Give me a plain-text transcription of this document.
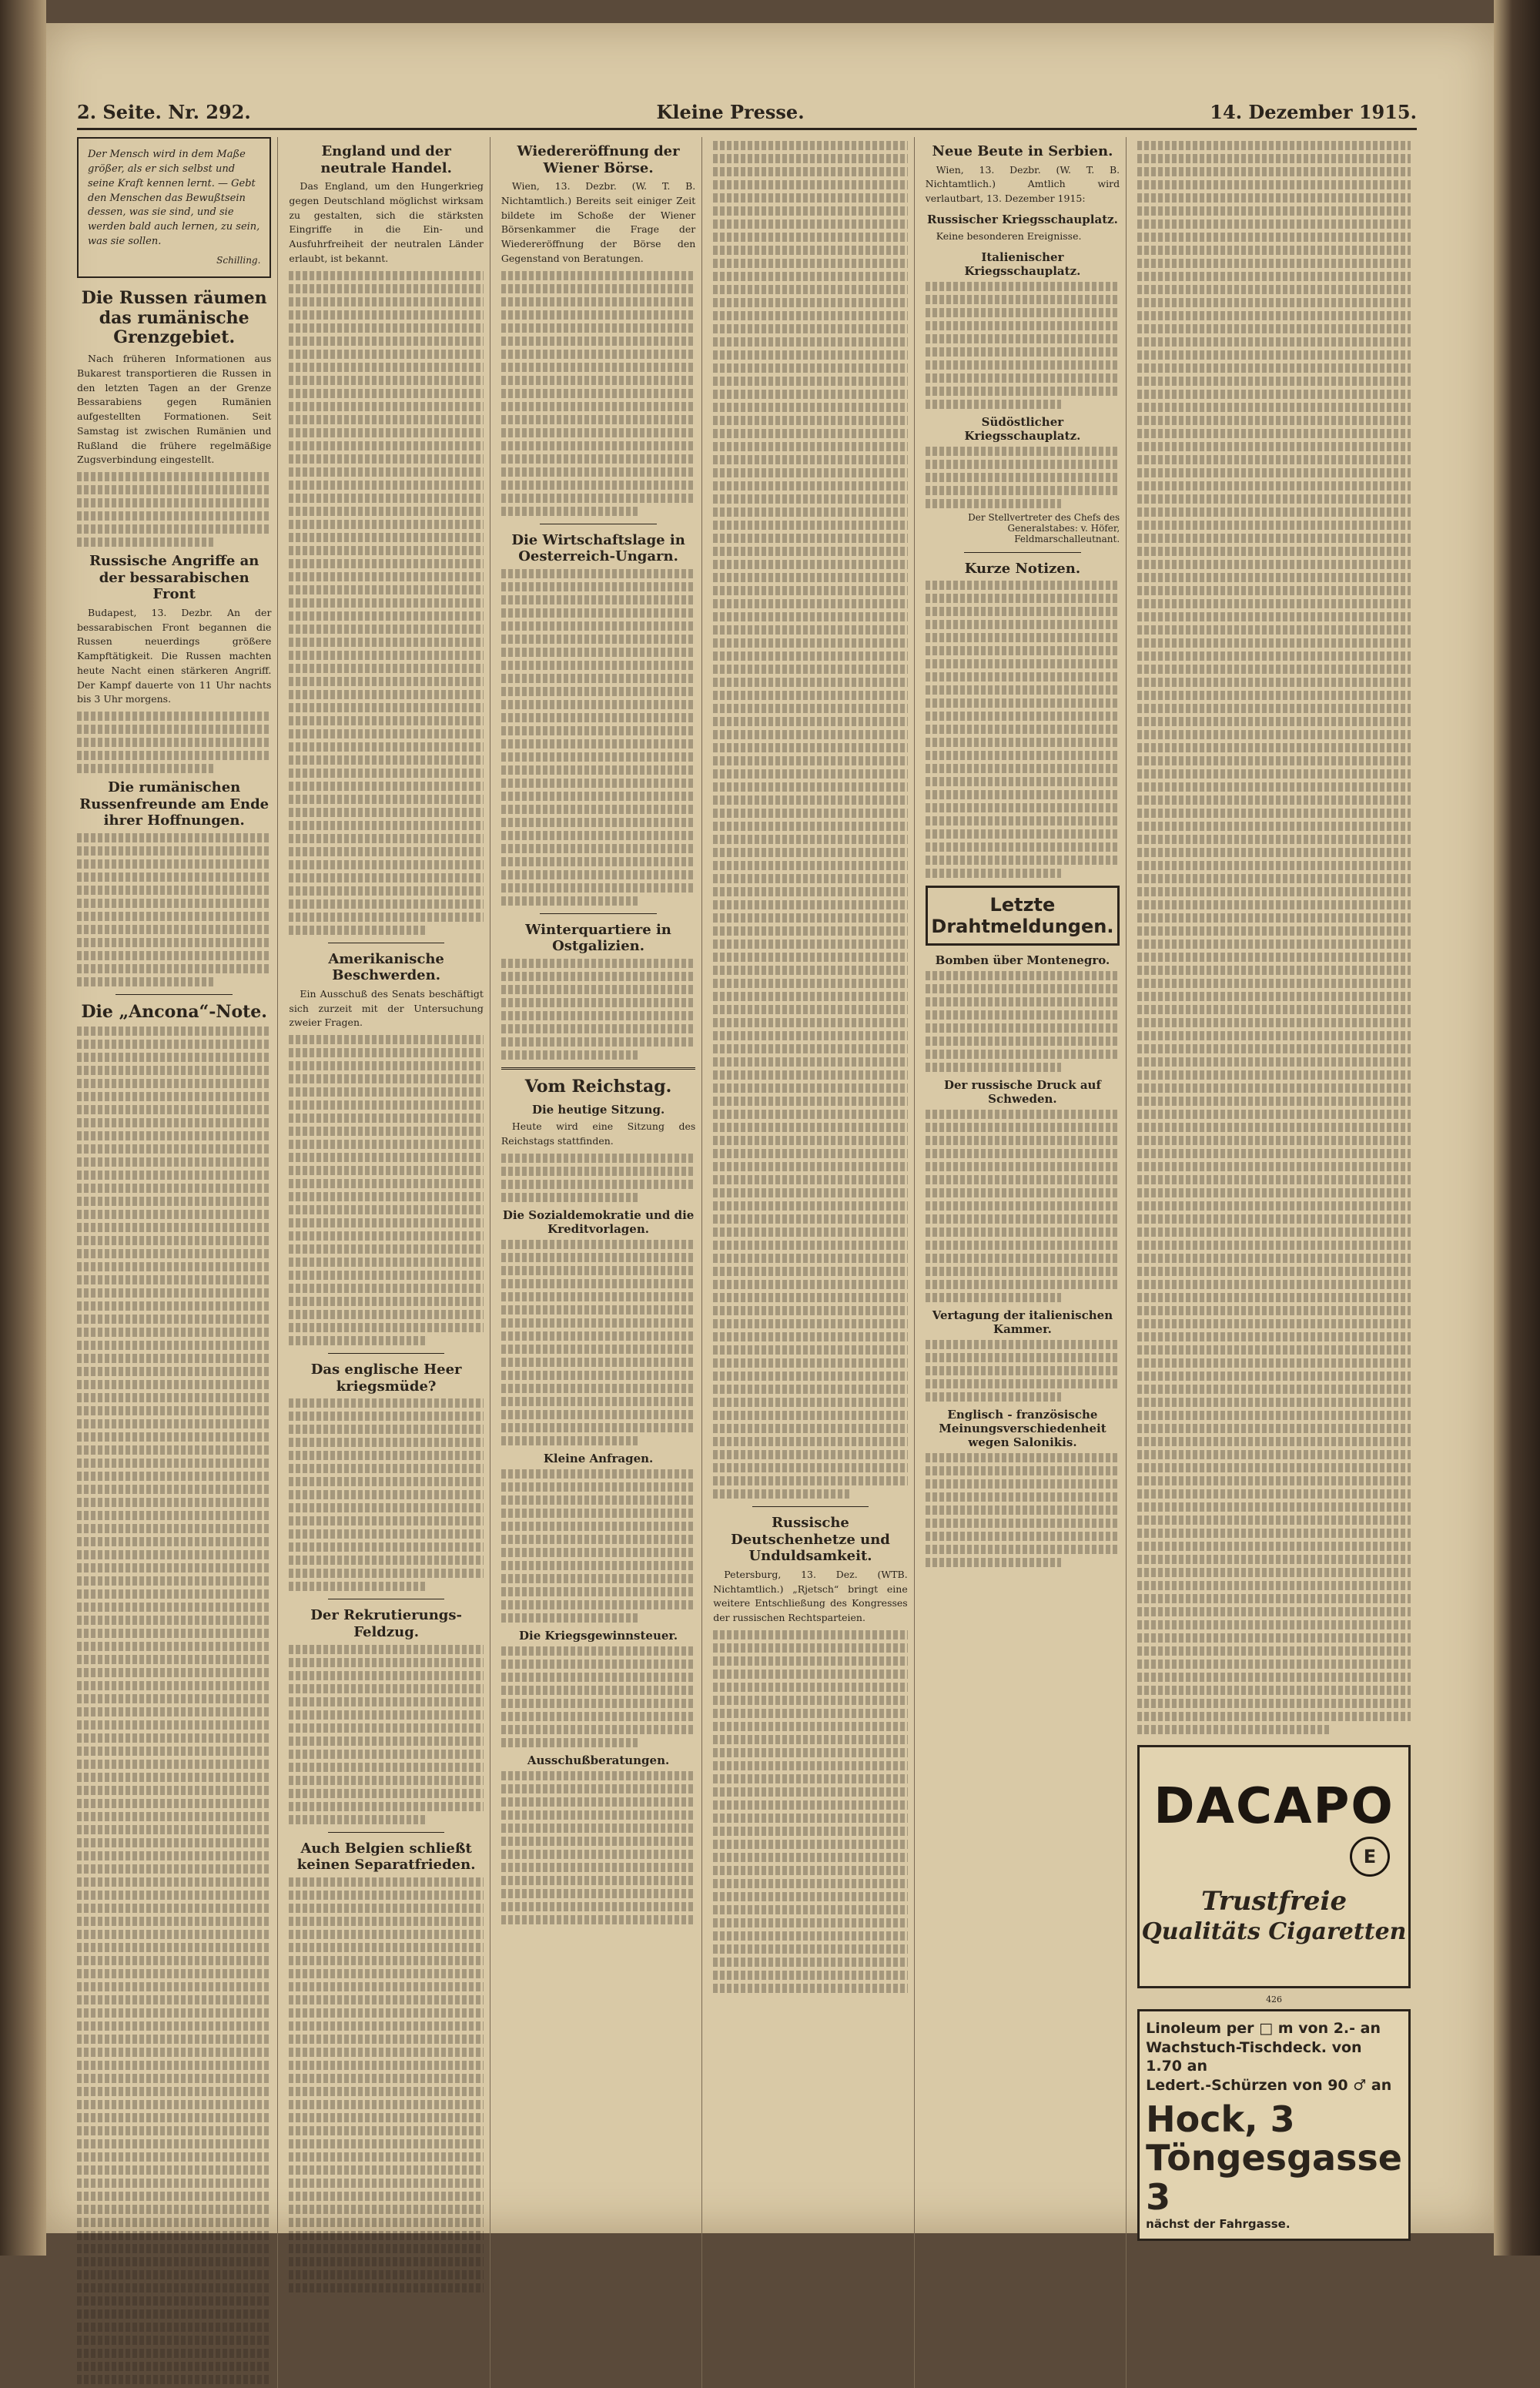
2. Seite. Nr. 292.	Kleine Presse.	14. Dezember 1915.
Der Mensch wird in dem Maße größer, als er sich selbst und seine Kraft kennen lernt. — Gebt den Menschen das Bewußtsein dessen, was sie sind, und sie werden bald auch lernen, zu sein, was sie sollen.
Schilling.
Die Russen räumen das rumänische Grenzgebiet.

Nach früheren Informationen aus Bukarest transportieren die Russen in den letzten Tagen an der Grenze Bessarabiens gegen Rumänien aufgestellten Formationen. Seit Samstag ist zwischen Rumänien und Rußland die frühere regelmäßige Zugsverbindung eingestellt.

Russische Angriffe an der bessarabischen Front

Budapest, 13. Dezbr. An der bessarabischen Front begannen die Russen neuerdings größere Kampftätigkeit. Die Russen machten heute Nacht einen stärkeren Angriff. Der Kampf dauerte von 11 Uhr nachts bis 3 Uhr morgens.

Die rumänischen Russenfreunde am Ende ihrer Hoffnungen.
Die „Ancona“-Note.
England und der neutrale Handel.

Das England, um den Hungerkrieg gegen Deutschland möglichst wirksam zu gestalten, sich die stärksten Eingriffe in die Ein- und Ausfuhrfreiheit der neutralen Länder erlaubt, ist bekannt.

Amerikanische Beschwerden.

Ein Ausschuß des Senats beschäftigt sich zurzeit mit der Untersuchung zweier Fragen.

Das englische Heer kriegsmüde?
Der Rekrutierungs-Feldzug.
Auch Belgien schließt keinen Separatfrieden.
Wiedereröffnung der Wiener Börse.

Wien, 13. Dezbr. (W. T. B. Nichtamtlich.) Bereits seit einiger Zeit bildete im Schoße der Wiener Börsenkammer die Frage der Wiedereröffnung der Börse den Gegenstand von Beratungen.

Die Wirtschaftslage in Oesterreich-Ungarn.
Winterquartiere in Ostgalizien.
Vom Reichstag.
Die heutige Sitzung.

Heute wird eine Sitzung des Reichstags stattfinden.

Die Sozialdemokratie und die Kreditvorlagen.
Kleine Anfragen.
Die Kriegsgewinnsteuer.
Ausschußberatungen.
Russische Deutschenhetze und Unduldsamkeit.

Petersburg, 13. Dez. (WTB. Nichtamtlich.) „Rjetsch“ bringt eine weitere Entschließung des Kongresses der russischen Rechtsparteien.

Neue Beute in Serbien.

Wien, 13. Dezbr. (W. T. B. Nichtamtlich.) Amtlich wird verlautbart, 13. Dezember 1915:

Russischer Kriegsschauplatz.

Keine besonderen Ereignisse.

Italienischer Kriegsschauplatz.
Südöstlicher Kriegsschauplatz.
Der Stellvertreter des Chefs des Generalstabes: v. Höfer, Feldmarschalleutnant.
Kurze Notizen.
Letzte Drahtmeldungen.
Bomben über Montenegro.
Der russische Druck auf Schweden.
Vertagung der italienischen Kammer.
Englisch - französische Meinungsverschiedenheit wegen Salonikis.
DACAPO
E
Trustfreie
Qualitäts Cigaretten
426
Linoleum per □ m von 2.- an
Wachstuch-Tischdeck. von 1.70 an
Ledert.-Schürzen von 90 ♂ an
Hock, 3 Töngesgasse 3
nächst der Fahrgasse.
